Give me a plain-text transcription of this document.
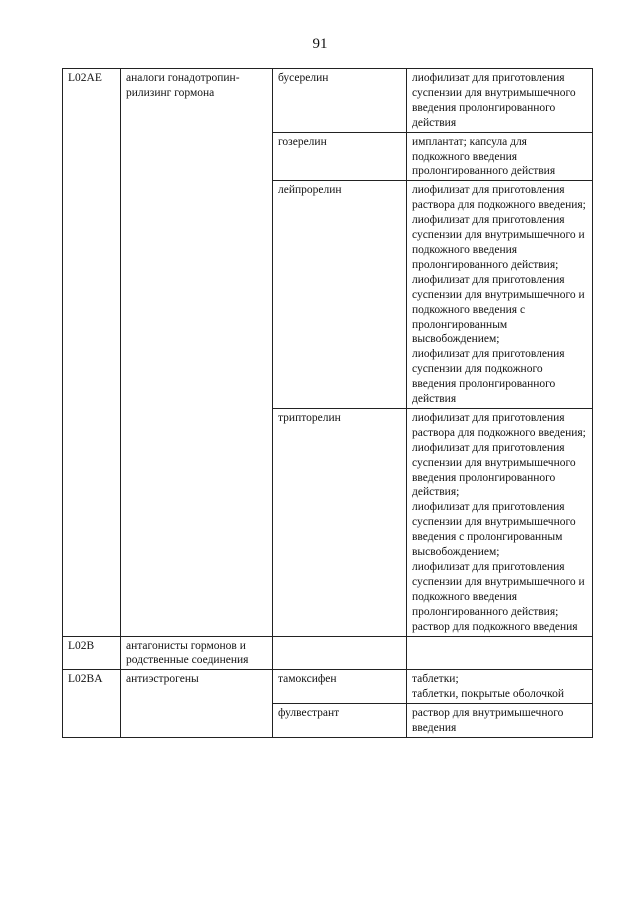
91
L02AE	аналоги гонадотропин-рилизинг гормона	бусерелин	лиофилизат для приготовления суспензии для внутримышечного введения пролонгированного действия

		гозерелин	имплантат; капсула для подкожного введения пролонгированного действия

		лейпрорелин	лиофилизат для приготовления раствора для подкожного введения;
лиофилизат для приготовления суспензии для внутримышечного и подкожного введения пролонгированного действия;
лиофилизат для приготовления суспензии для внутримышечного и подкожного введения с пролонгированным высвобождением;
лиофилизат для приготовления суспензии для подкожного введения пролонгированного действия

		трипторелин	лиофилизат для приготовления раствора для подкожного введения;
лиофилизат для приготовления суспензии для внутримышечного введения пролонгированного действия;
лиофилизат для приготовления суспензии для внутримышечного введения с пролонгированным высвобождением;
лиофилизат для приготовления суспензии для внутримышечного и подкожного введения пролонгированного действия;
раствор для подкожного введения

L02B	антагонисты гормонов и родственные соединения		
L02BA	антиэстрогены	тамоксифен	таблетки;
таблетки, покрытые оболочкой

		фулвестрант	раствор для внутримышечного введения
